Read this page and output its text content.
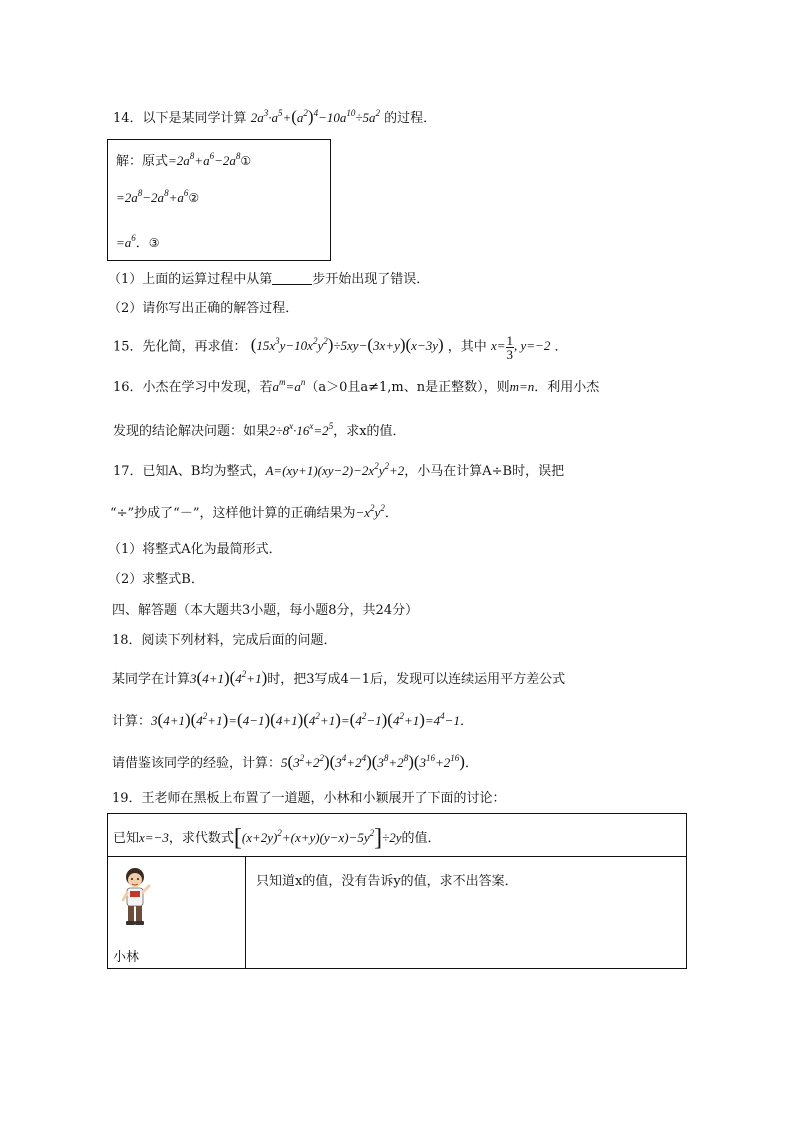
14．以下是某同学计算 $2a^3\cdot a^5+(a^2)^4-10a^{10}\div 5a^2$ 的过程．
解：原式$=2a^8+a^6-2a^8①$
$=2a^8-2a^8+a^6②$
$=a^6$．③
（1）上面的运算过程中从第	步开始出现了错误．
（2）请你写出正确的解答过程．
15．先化简，再求值： $(15x^3y-10x^2y^2)\div 5xy-(3x+y)(x-3y)$ ，其中 $x= \frac{1}{3}$ , y=−2 ．
16．小杰在学习中发现，若$a^m=a^n(a>0$且a≠1,m、n是正整数），则m=n．利用小杰
发现的结论解决问题：如果$2\div 8^x\cdot 16^x=2^5$，求x的值．
17．已知A、B均为整式，$A=(xy+1)(xy-2)-2x^2y^2+2$，小马在计算A÷B时，误把
“÷”抄成了“－”，这样他计算的正确结果为$-x^2y^2$．
（1）将整式A化为最简形式．
（2）求整式B．
四、解答题（本大题共3小题，每小题8分，共24分）
18．阅读下列材料，完成后面的问题．
某同学在计算$3(4+1)(4^2+1)$时，把3写成4－1后，发现可以连续运用平方差公式
计算：$3(4+1)(4^2+1)=(4-1)(4+1)(4^2+1)=(4^2-1)(4^2+1)=4^4-1$．
请借鉴该同学的经验，计算：$5(3^2+2^2)(3^4+2^4)(3^8+2^8)(3^{16}+2^{16})$．
19．王老师在黑板上布置了一道题，小林和小颖展开了下面的讨论：
已知x=−3，求代数式$[(x+2y)^2+(x+y)(y-x)-5y^2]\div 2y$的值．
只知道x的值，没有告诉y的值，求不出答案．
小林
